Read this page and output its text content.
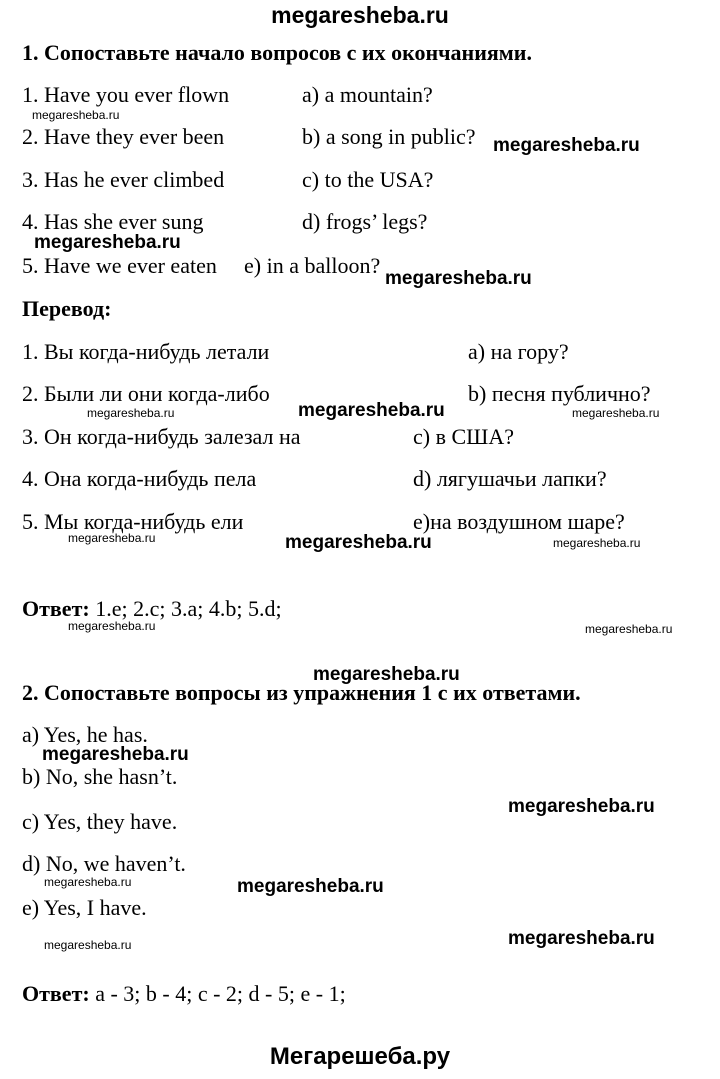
megaresheba.ru
1. Сопоставьте начало вопросов с их окончаниями.
1. Have you ever flown	a) a mountain?
2. Have they ever been	b) a song in public?
3. Has he ever climbed	c) to the USA?
4. Has she ever sung	d) frogs’ legs?
5. Have we ever eaten e) in a balloon?
Перевод:
1. Вы когда-нибудь летали	a) на гору?
2. Были ли они когда-либо	b) песня публично?
3. Он когда-нибудь залезал на	c) в США?
4. Она когда-нибудь пела	d) лягушачьи лапки?
5. Мы когда-нибудь ели	e)на воздушном шаре?
Ответ: 1.e; 2.c; 3.a; 4.b; 5.d;
2. Сопоставьте вопросы из упражнения 1 с их ответами.
a) Yes, he has.
b) No, she hasn’t.
c) Yes, they have.
d) No, we haven’t.
e) Yes, I have.
Ответ: a - 3; b - 4; c - 2; d - 5; e - 1;
megaresheba.ru
megaresheba.ru
megaresheba.ru
megaresheba.ru
megaresheba.ru
megaresheba.ru
megaresheba.ru
megaresheba.ru
megaresheba.ru
megaresheba.ru
megaresheba.ru
megaresheba.ru	megaresheba.ru
megaresheba.ru	megaresheba.ru
megaresheba.ru	megaresheba.ru
megaresheba.ru
megaresheba.ru
Мегарешеба.ру
